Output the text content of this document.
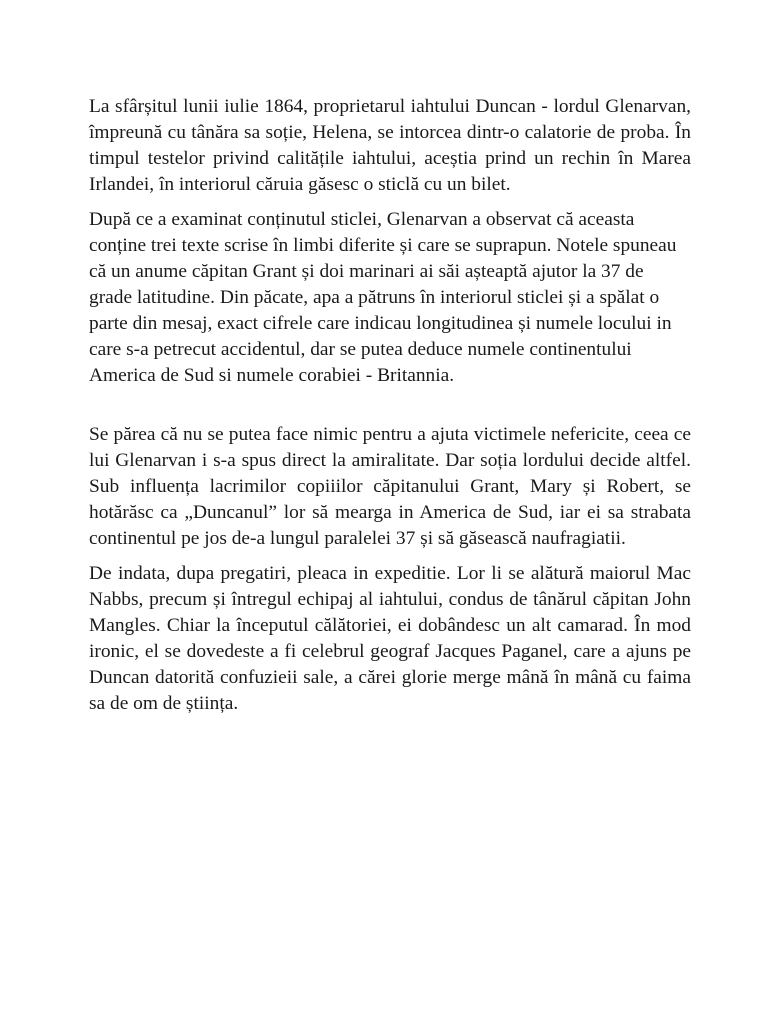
La sfârșitul lunii iulie 1864, proprietarul iahtului Duncan - lordul Glenarvan, împreună cu tânăra sa soție, Helena, se intorcea dintr-o calatorie de proba. În timpul testelor privind calitățile iahtului, aceștia prind un rechin în Marea Irlandei, în interiorul căruia găsesc o sticlă cu un bilet.

După ce a examinat conținutul sticlei, Glenarvan a observat că aceasta conține trei texte scrise în limbi diferite și care se suprapun. Notele spuneau că un anume căpitan Grant și doi marinari ai săi așteaptă ajutor la 37 de grade latitudine. Din păcate, apa a pătruns în interiorul sticlei și a spălat o parte din mesaj, exact cifrele care indicau longitudinea și numele locului in care s-a petrecut accidentul, dar se putea deduce numele continentului America de Sud si numele corabiei - Britannia.

Se părea că nu se putea face nimic pentru a ajuta victimele nefericite, ceea ce lui Glenarvan i s-a spus direct la amiralitate. Dar soția lordului decide altfel. Sub influența lacrimilor copiiilor căpitanului Grant, Mary și Robert, se hotărăsc ca „Duncanul” lor să mearga in America de Sud, iar ei sa strabata continentul pe jos de-a lungul paralelei 37 și să găsească naufragiatii.

De indata, dupa pregatiri, pleaca in expeditie. Lor li se alătură maiorul Mac Nabbs, precum și întregul echipaj al iahtului, condus de tânărul căpitan John Mangles. Chiar la începutul călătoriei, ei dobândesc un alt camarad. În mod ironic, el se dovedeste a fi celebrul geograf Jacques Paganel, care a ajuns pe Duncan datorită confuzieii sale, a cărei glorie merge mână în mână cu faima sa de om de știința.
